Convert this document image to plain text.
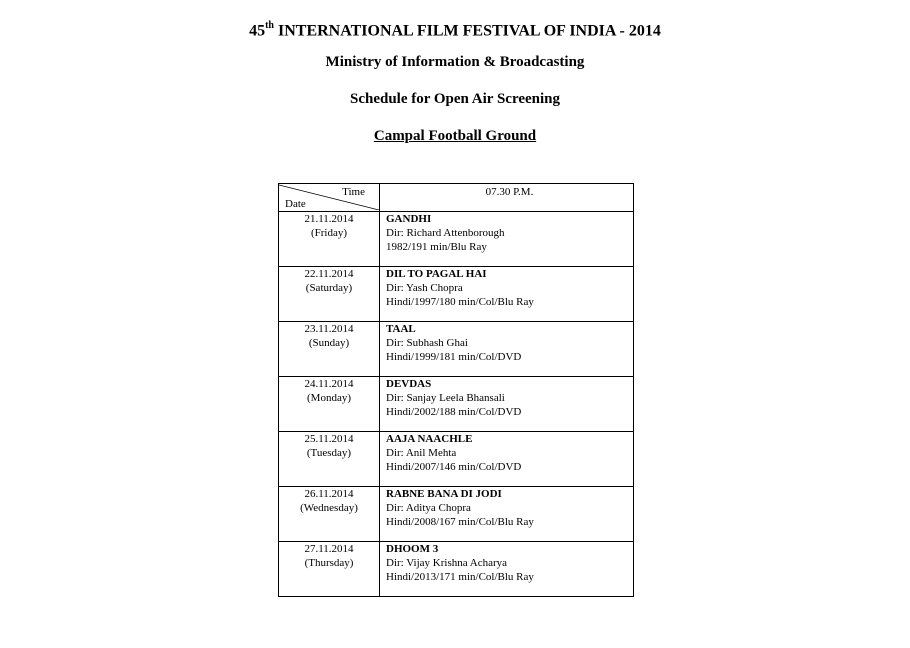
45th INTERNATIONAL FILM FESTIVAL OF INDIA - 2014
Ministry of Information & Broadcasting
Schedule for Open Air Screening
Campal Football Ground
Time
Date	07.30 P.M.

21.11.2014
(Friday)	GANDHI
Dir: Richard Attenborough
1982/191 min/Blu Ray

22.11.2014
(Saturday)	DIL TO PAGAL HAI
Dir: Yash Chopra
Hindi/1997/180 min/Col/Blu Ray

23.11.2014
(Sunday)	TAAL
Dir: Subhash Ghai
Hindi/1999/181 min/Col/DVD

24.11.2014
(Monday)	DEVDAS
Dir: Sanjay Leela Bhansali
Hindi/2002/188 min/Col/DVD

25.11.2014
(Tuesday)	AAJA NAACHLE
Dir: Anil Mehta
Hindi/2007/146 min/Col/DVD

26.11.2014
(Wednesday)	RABNE BANA DI JODI
Dir: Aditya Chopra
Hindi/2008/167 min/Col/Blu Ray

27.11.2014
(Thursday)	DHOOM 3
Dir: Vijay Krishna Acharya
Hindi/2013/171 min/Col/Blu Ray
